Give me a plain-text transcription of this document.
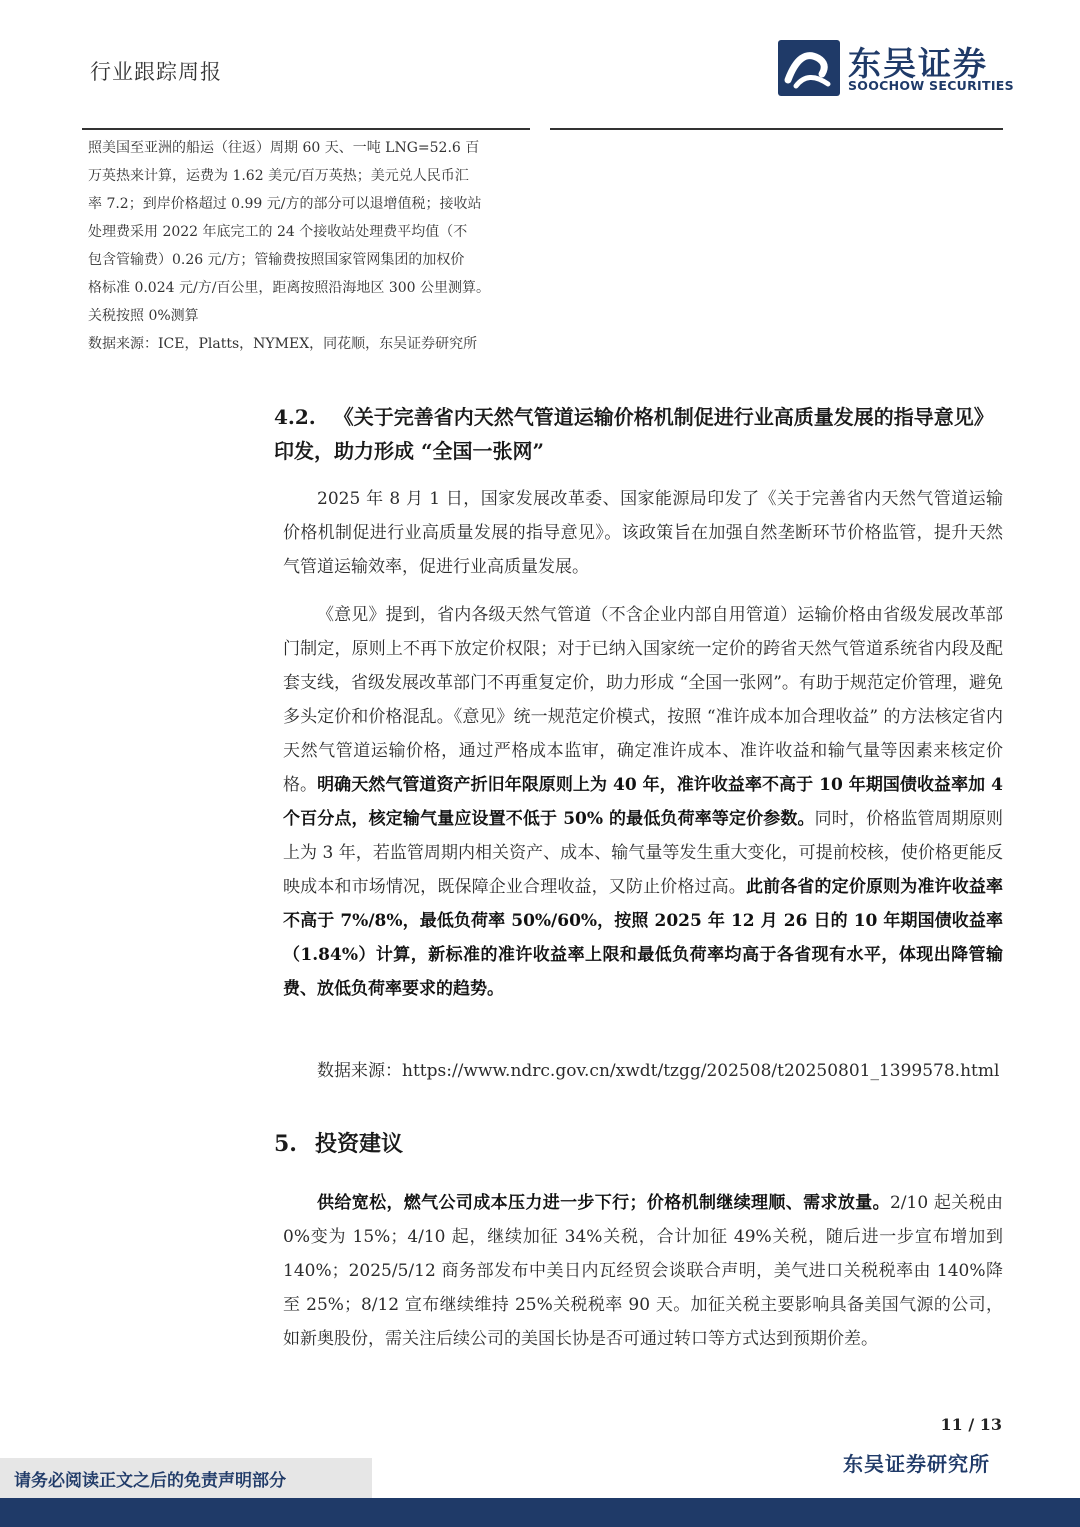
行业跟踪周报	东吴证券
SOOCHOW SECURITIES

照美国至亚洲的船运（往返）周期 60 天、一吨 LNG=52.6 百

万英热来计算，运费为 1.62 美元/百万英热；美元兑人民币汇

率 7.2；到岸价格超过 0.99 元/方的部分可以退增值税；接收站

处理费采用 2022 年底完工的 24 个接收站处理费平均值（不

包含管输费）0.26 元/方；管输费按照国家管网集团的加权价

格标准 0.024 元/方/百公里，距离按照沿海地区 300 公里测算。

关税按照 0%测算

数据来源：ICE，Platts，NYMEX，同花顺，东吴证券研究所

4.2. 《关于完善省内天然气管道运输价格机制促进行业高质量发展的指导意见》印发，助力形成 “全国一张网”

2025 年 8 月 1 日，国家发展改革委、国家能源局印发了《关于完善省内天然气管道运输价格机制促进行业高质量发展的指导意见》。该政策旨在加强自然垄断环节价格监管，提升天然气管道运输效率，促进行业高质量发展。

《意见》提到，省内各级天然气管道（不含企业内部自用管道）运输价格由省级发展改革部门制定，原则上不再下放定价权限；对于已纳入国家统一定价的跨省天然气管道系统省内段及配套支线，省级发展改革部门不再重复定价，助力形成 “全国一张网”。有助于规范定价管理，避免多头定价和价格混乱。《意见》统一规范定价模式，按照 “准许成本加合理收益” 的方法核定省内天然气管道运输价格，通过严格成本监审，确定准许成本、准许收益和输气量等因素来核定价格。明确天然气管道资产折旧年限原则上为 40 年，准许收益率不高于 10 年期国债收益率加 4 个百分点，核定输气量应设置不低于 50% 的最低负荷率等定价参数。同时，价格监管周期原则上为 3 年，若监管周期内相关资产、成本、输气量等发生重大变化，可提前校核，使价格更能反映成本和市场情况，既保障企业合理收益，又防止价格过高。此前各省的定价原则为准许收益率不高于 7%/8%，最低负荷率 50%/60%，按照 2025 年 12 月 26 日的 10 年期国债收益率（1.84%）计算，新标准的准许收益率上限和最低负荷率均高于各省现有水平，体现出降管输费、放低负荷率要求的趋势。

数据来源：https://www.ndrc.gov.cn/xwdt/tzgg/202508/t20250801_1399578.html

5. 投资建议

供给宽松，燃气公司成本压力进一步下行；价格机制继续理顺、需求放量。2/10 起关税由 0%变为 15%；4/10 起，继续加征 34%关税，合计加征 49%关税，随后进一步宣布增加到 140%；2025/5/12 商务部发布中美日内瓦经贸会谈联合声明，美气进口关税税率由 140%降至 25%；8/12 宣布继续维持 25%关税税率 90 天。加征关税主要影响具备美国气源的公司，如新奥股份，需关注后续公司的美国长协是否可通过转口等方式达到预期价差。

11 / 13
东吴证券研究所
请务必阅读正文之后的免责声明部分
